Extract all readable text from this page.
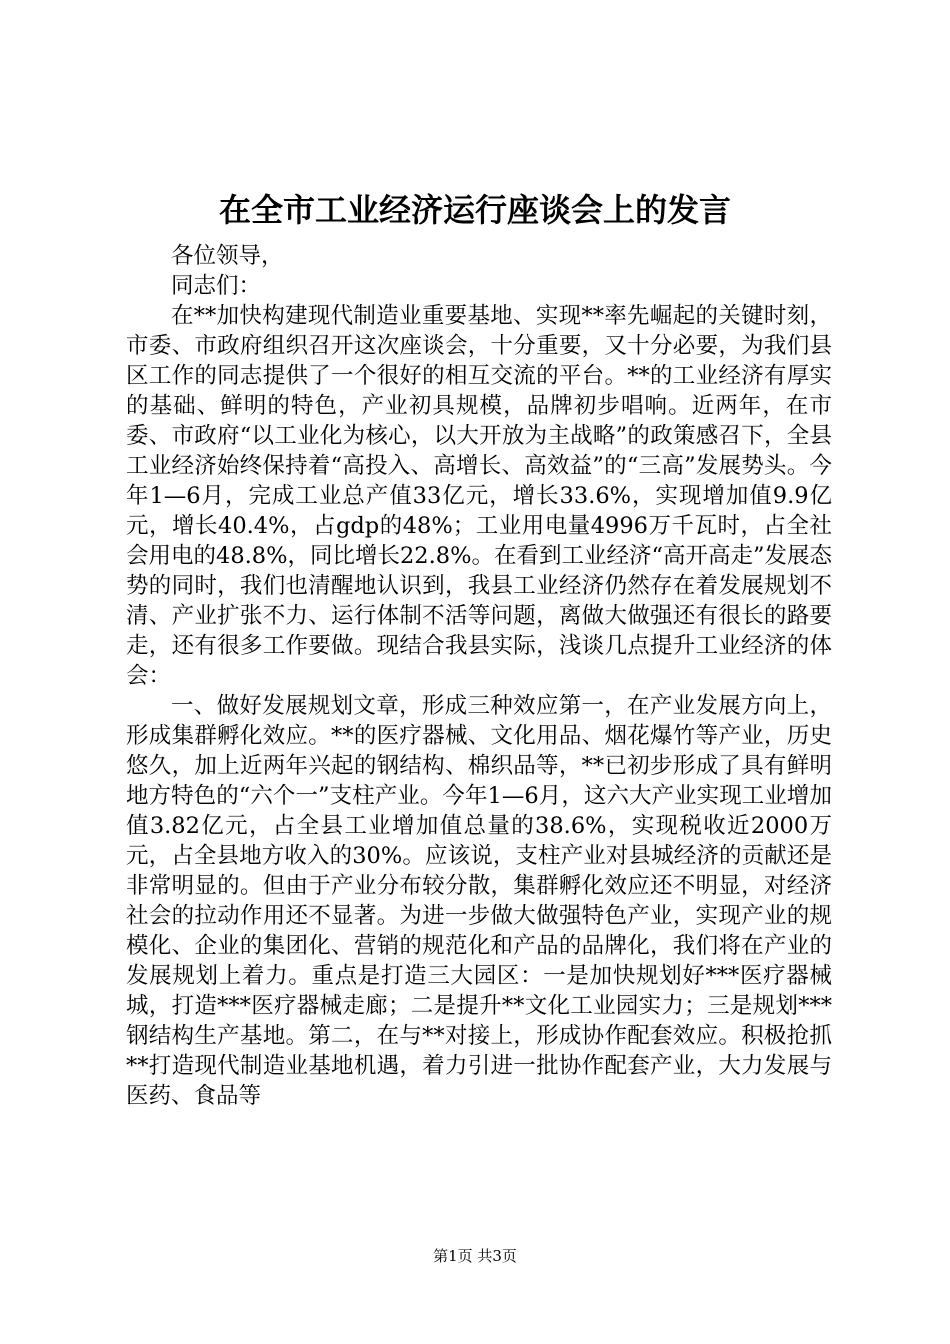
在全市工业经济运行座谈会上的发言

各位领导，

同志们：

在**加快构建现代制造业重要基地、实现**率先崛起的关键时刻，市委、市政府组织召开这次座谈会，十分重要，又十分必要，为我们县区工作的同志提供了一个很好的相互交流的平台。**的工业经济有厚实的基础、鲜明的特色，产业初具规模，品牌初步唱响。近两年，在市委、市政府“以工业化为核心，以大开放为主战略”的政策感召下，全县工业经济始终保持着“高投入、高增长、高效益”的“三高”发展势头。今年1—6月，完成工业总产值33亿元，增长33.6%，实现增加值9.9亿元，增长40.4%，占gdp的48%；工业用电量4996万千瓦时，占全社会用电的48.8%，同比增长22.8%。在看到工业经济“高开高走”发展态势的同时，我们也清醒地认识到，我县工业经济仍然存在着发展规划不清、产业扩张不力、运行体制不活等问题，离做大做强还有很长的路要走，还有很多工作要做。现结合我县实际，浅谈几点提升工业经济的体会：

一、做好发展规划文章，形成三种效应第一，在产业发展方向上，形成集群孵化效应。**的医疗器械、文化用品、烟花爆竹等产业，历史悠久，加上近两年兴起的钢结构、棉织品等，**已初步形成了具有鲜明地方特色的“六个一”支柱产业。今年1—6月，这六大产业实现工业增加值3.82亿元，占全县工业增加值总量的38.6%，实现税收近2000万元，占全县地方收入的30%。应该说，支柱产业对县城经济的贡献还是非常明显的。但由于产业分布较分散，集群孵化效应还不明显，对经济社会的拉动作用还不显著。为进一步做大做强特色产业，实现产业的规模化、企业的集团化、营销的规范化和产品的品牌化，我们将在产业的发展规划上着力。重点是打造三大园区：一是加快规划好***医疗器械城，打造***医疗器械走廊；二是提升**文化工业园实力；三是规划***钢结构生产基地。第二，在与**对接上，形成协作配套效应。积极抢抓**打造现代制造业基地机遇，着力引进一批协作配套产业，大力发展与医药、食品等

第1页 共3页
